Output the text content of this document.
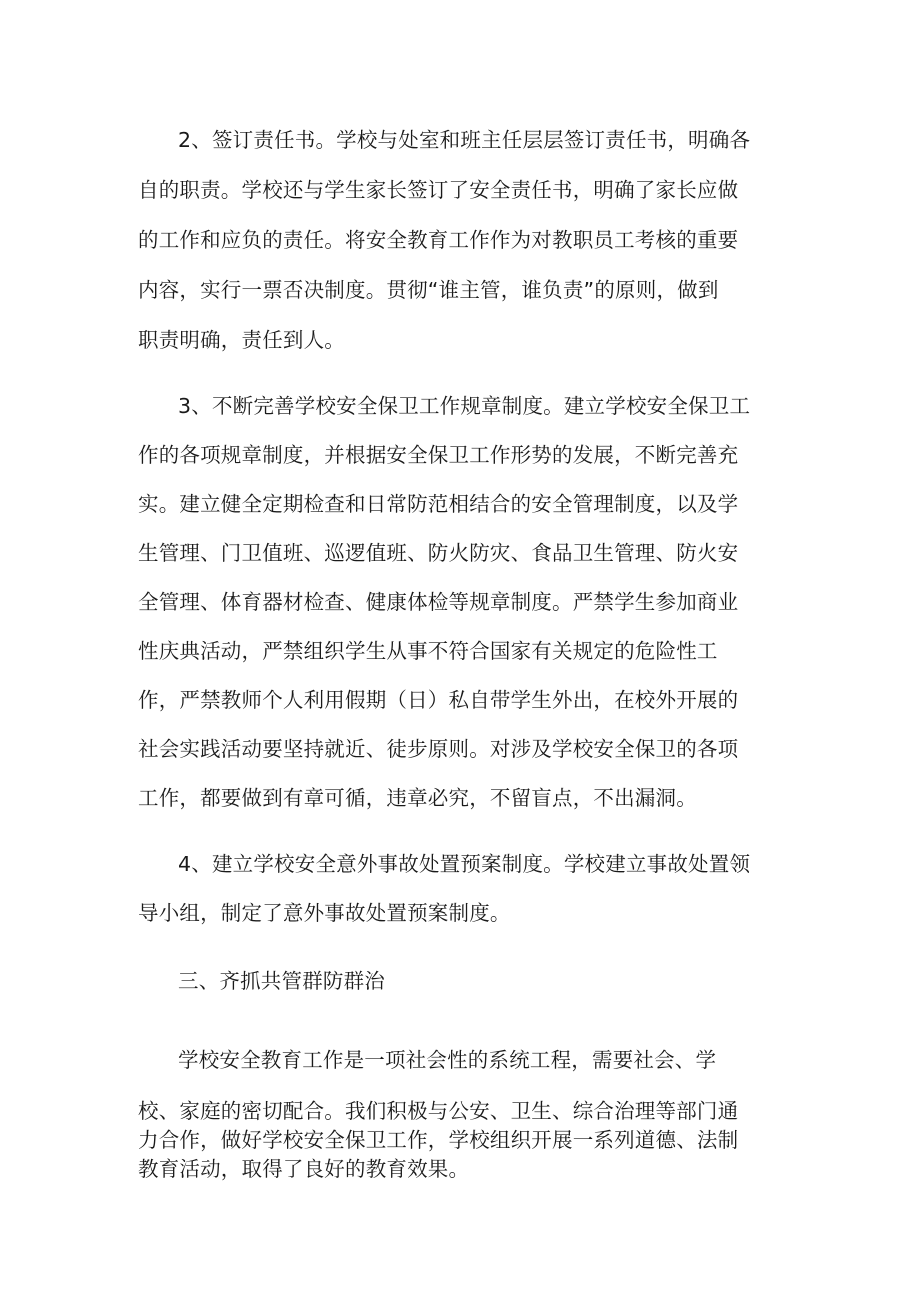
2、签订责任书。学校与处室和班主任层层签订责任书，明确各

自的职责。学校还与学生家长签订了安全责任书，明确了家长应做

的工作和应负的责任。将安全教育工作作为对教职员工考核的重要

内容，实行一票否决制度。贯彻“谁主管，谁负责”的原则，做到

职责明确，责任到人。

3、不断完善学校安全保卫工作规章制度。建立学校安全保卫工

作的各项规章制度，并根据安全保卫工作形势的发展，不断完善充

实。建立健全定期检查和日常防范相结合的安全管理制度，以及学

生管理、门卫值班、巡逻值班、防火防灾、食品卫生管理、防火安

全管理、体育器材检查、健康体检等规章制度。严禁学生参加商业

性庆典活动，严禁组织学生从事不符合国家有关规定的危险性工

作，严禁教师个人利用假期（日）私自带学生外出，在校外开展的

社会实践活动要坚持就近、徒步原则。对涉及学校安全保卫的各项

工作，都要做到有章可循，违章必究，不留盲点，不出漏洞。

4、建立学校安全意外事故处置预案制度。学校建立事故处置领

导小组，制定了意外事故处置预案制度。

三、齐抓共管群防群治

学校安全教育工作是一项社会性的系统工程，需要社会、学

校、家庭的密切配合。我们积极与公安、卫生、综合治理等部门通

力合作，做好学校安全保卫工作，学校组织开展一系列道德、法制

教育活动，取得了良好的教育效果。
